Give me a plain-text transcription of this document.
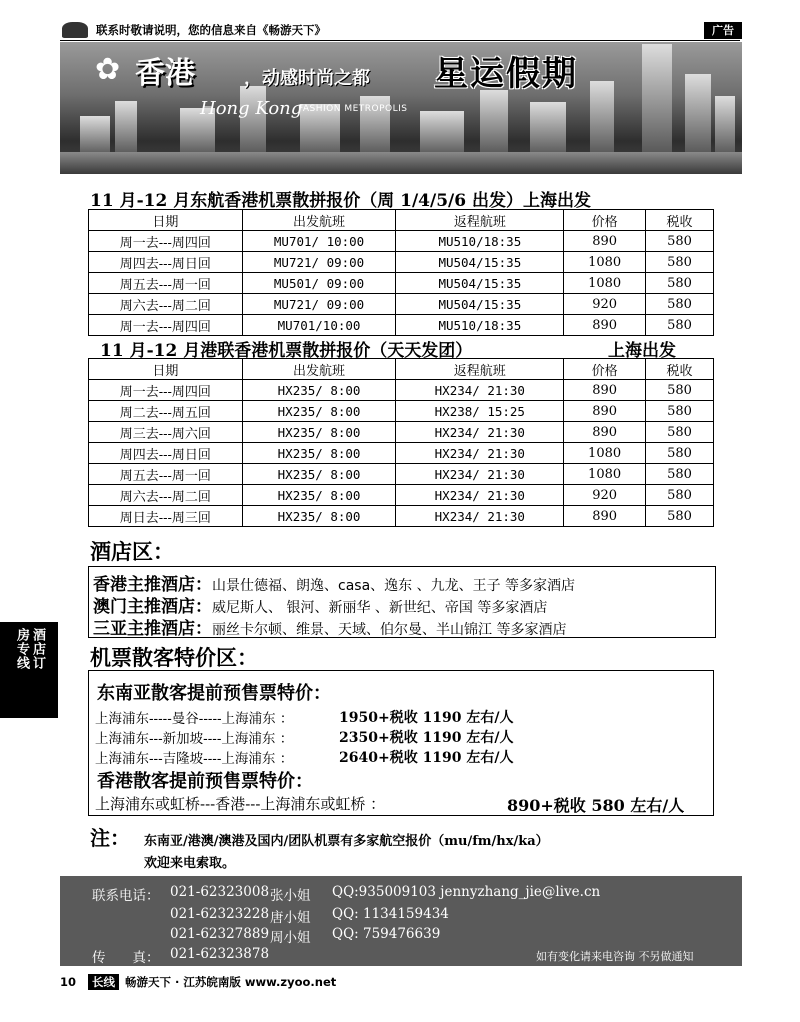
联系时敬请说明，您的信息来自《畅游天下》	广告
✿ 香港	，动感时尚之都 星运假期
Hong Kong
FASHION METROPOLIS
11 月-12 月东航香港机票散拼报价（周 1/4/5/6 出发）上海出发
日期	出发航班	返程航班	价格	税收
周一去---周四回	MU701/ 10:00	MU510/18:35	890	580
周四去---周日回	MU721/ 09:00	MU504/15:35	1080	580
周五去---周一回	MU501/ 09:00	MU504/15:35	1080	580
周六去---周二回	MU721/ 09:00	MU504/15:35	920	580
周一去---周四回	MU701/10:00	MU510/18:35	890	580
11 月-12 月港联香港机票散拼报价（天天发团）	上海出发
日期	出发航班	返程航班	价格	税收
周一去---周四回	HX235/ 8:00	HX234/ 21:30	890	580
周二去---周五回	HX235/ 8:00	HX238/ 15:25	890	580
周三去---周六回	HX235/ 8:00	HX234/ 21:30	890	580
周四去---周日回	HX235/ 8:00	HX234/ 21:30	1080	580
周五去---周一回	HX235/ 8:00	HX234/ 21:30	1080	580
周六去---周二回	HX235/ 8:00	HX234/ 21:30	920	580
周日去---周三回	HX235/ 8:00	HX234/ 21:30	890	580
酒店区：
香港主推酒店：山景仕德福、朗逸、casa、逸东 、九龙、王子 等多家酒店
澳门主推酒店：威尼斯人、 银河、新丽华 、新世纪、帝国 等多家酒店
三亚主推酒店：丽丝卡尔顿、维景、天域、伯尔曼、半山锦江 等多家酒店
酒店订
房专线	机票散客特价区：
东南亚散客提前预售票特价：
上海浦东-----曼谷-----上海浦东 ：	1950+税收 1190 左右/人
上海浦东---新加坡----上海浦东 ：	2350+税收 1190 左右/人
上海浦东---吉隆坡----上海浦东 ：	2640+税收 1190 左右/人
香港散客提前预售票特价：
上海浦东或虹桥---香港---上海浦东或虹桥 ：	890+税收 580 左右/人
注： 东南亚/港澳/澳港及国内/团队机票有多家航空报价（mu/fm/hx/ka）
欢迎来电索取。
联系电话： 021-62323008 张小姐 QQ:935009103 jennyzhang_jie@live.cn
021-62323228 唐小姐 QQ: 1134159434
021-62327889 周小姐 QQ: 759476639
传　　真： 021-62323878	如有变化请来电咨询 不另做通知
10 长线 畅游天下 · 江苏皖南版 www.zyoo.net
